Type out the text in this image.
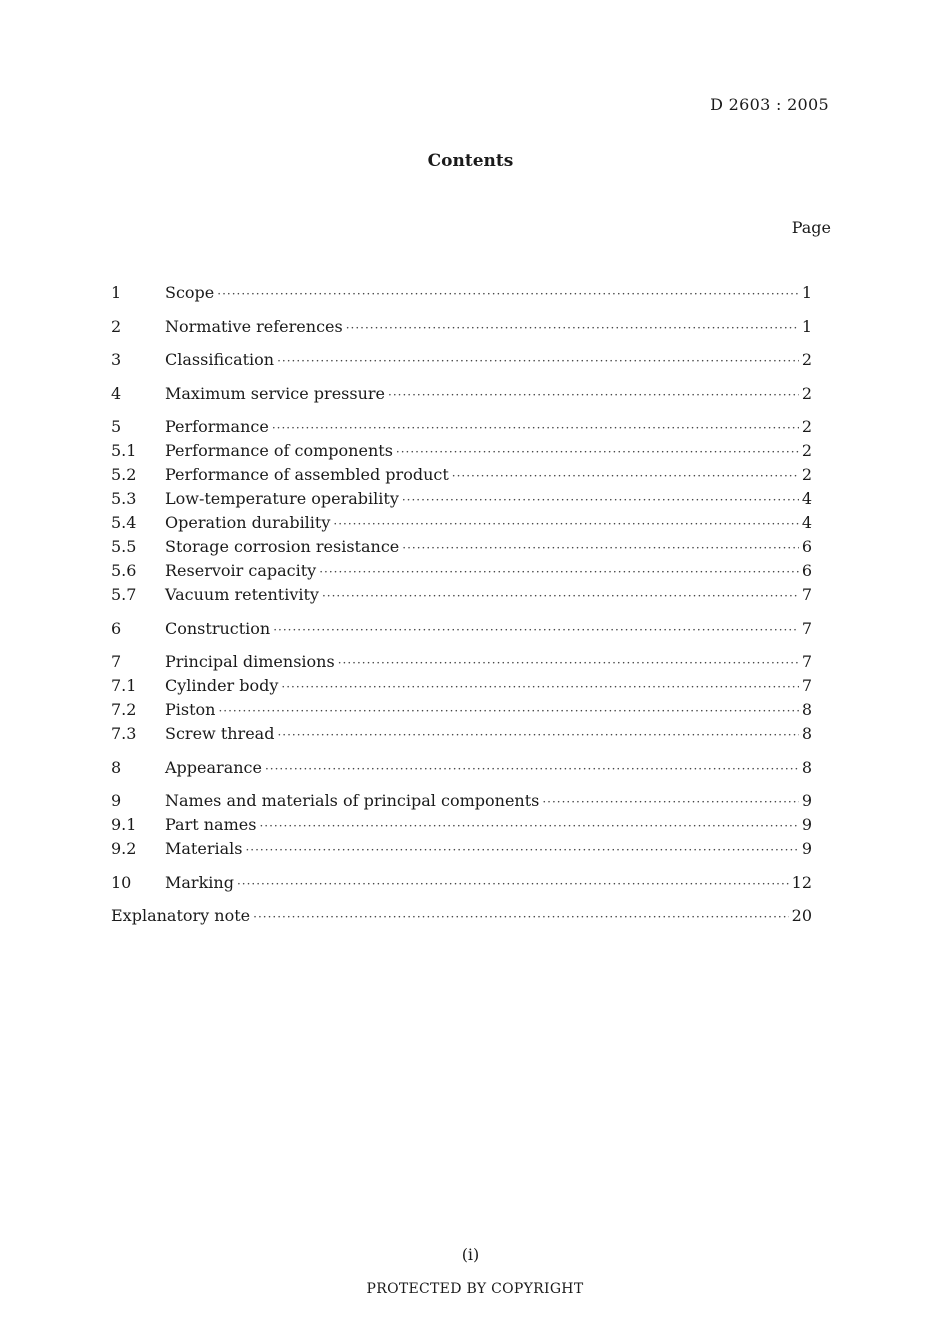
D 2603 : 2005
Contents
Page
1	Scope ·····	1
2	Normative references ·····	1
3	Classification ·····	2
4	Maximum service pressure ·····	2
5	Performance ·····	2
5.1	Performance of components ·····	2
5.2	Performance of assembled product ·····	2
5.3	Low-temperature operability ·····	4
5.4	Operation durability ·····	4
5.5	Storage corrosion resistance ·····	6
5.6	Reservoir capacity ·····	6
5.7	Vacuum retentivity ·····	7
6	Construction ·····	7
7	Principal dimensions ·····	7
7.1	Cylinder body ·····	7
7.2	Piston ·····	8
7.3	Screw thread ·····	8
8	Appearance ·····	8
9	Names and materials of principal components ·····	9
9.1	Part names ·····	9
9.2	Materials ·····	9
10	Marking ·····	12
Explanatory note ·····	20
(i)
PROTECTED BY COPYRIGHT
